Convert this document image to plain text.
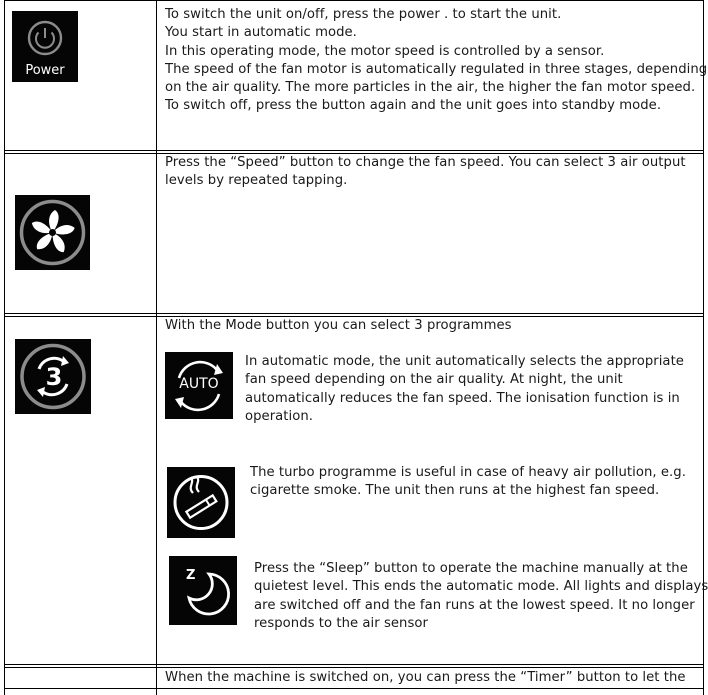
Power
To switch the unit on/off, press the power . to start the unit.
You start in automatic mode.
In this operating mode, the motor speed is controlled by a sensor.
The speed of the fan motor is automatically regulated in three stages, depending
on the air quality. The more particles in the air, the higher the fan motor speed.
To switch off, press the button again and the unit goes into standby mode.
Press the “Speed” button to change the fan speed. You can select 3 air output
levels by repeated tapping.
3
With the Mode button you can select 3 programmes
AUTO
In automatic mode, the unit automatically selects the appropriate
fan speed depending on the air quality. At night, the unit
automatically reduces the fan speed. The ionisation function is in
operation.
The turbo programme is useful in case of heavy air pollution, e.g.
cigarette smoke. The unit then runs at the highest fan speed.
Z	Press the “Sleep” button to operate the machine manually at the
quietest level. This ends the automatic mode. All lights and displays
are switched off and the fan runs at the lowest speed. It no longer
responds to the air sensor
When the machine is switched on, you can press the “Timer” button to let the
